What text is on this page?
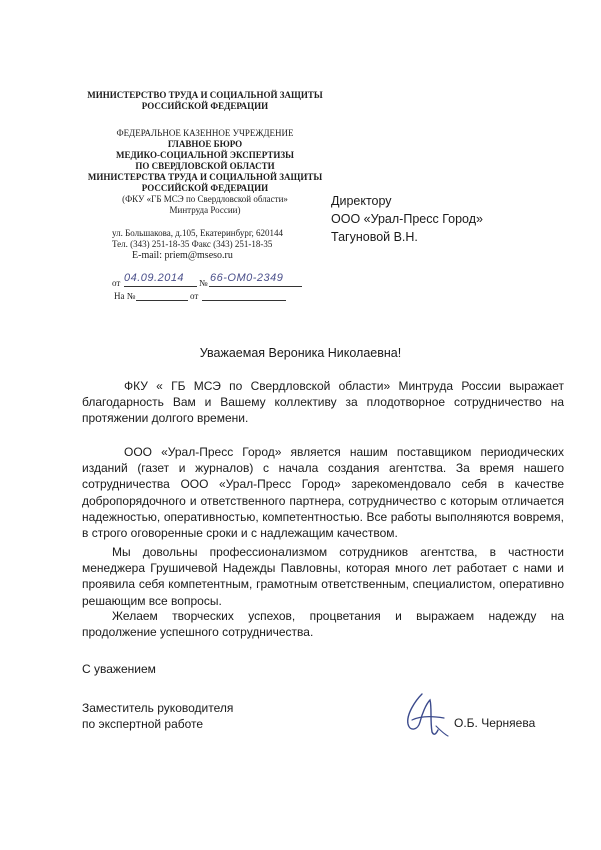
МИНИСТЕРСТВО ТРУДА И СОЦИАЛЬНОЙ ЗАЩИТЫ
РОССИЙСКОЙ ФЕДЕРАЦИИ
ФЕДЕРАЛЬНОЕ КАЗЕННОЕ УЧРЕЖДЕНИЕ
ГЛАВНОЕ БЮРО
МЕДИКО-СОЦИАЛЬНОЙ ЭКСПЕРТИЗЫ
ПО СВЕРДЛОВСКОЙ ОБЛАСТИ
МИНИСТЕРСТВА ТРУДА И СОЦИАЛЬНОЙ ЗАЩИТЫ
РОССИЙСКОЙ ФЕДЕРАЦИИ
(ФКУ «ГБ МСЭ по Свердловской области»
Минтруда России)
ул. Большакова, д.105, Екатеринбург, 620144
Тел. (343) 251-18-35 Факс (343) 251-18-35
E-mail: priem@mseso.ru
от 04.09.2014 № 66-ОМ0-2349
На №	от
Директору
ООО «Урал-Пресс Город»
Тагуновой В.Н.
Уважаемая Вероника Николаевна!
ФКУ « ГБ МСЭ по Свердловской области» Минтруда России выражает благодарность Вам и Вашему коллективу за плодотворное сотрудничество на протяжении долгого времени.
ООО «Урал-Пресс Город» является нашим поставщиком периодических изданий (газет и журналов) с начала создания агентства. За время нашего сотрудничества ООО «Урал-Пресс Город» зарекомендовало себя в качестве добропорядочного и ответственного партнера, сотрудничество с которым отличается надежностью, оперативностью, компетентностью. Все работы выполняются вовремя, в строго оговоренные сроки и с надлежащим качеством.
Мы довольны профессионализмом сотрудников агентства, в частности менеджера Грушичевой Надежды Павловны, которая много лет работает с нами и проявила себя компетентным, грамотным ответственным, специалистом, оперативно решающим все вопросы.
Желаем творческих успехов, процветания и выражаем надежду на продолжение успешного сотрудничества.
С уважением
Заместитель руководителя
по экспертной работе	О.Б. Черняева
